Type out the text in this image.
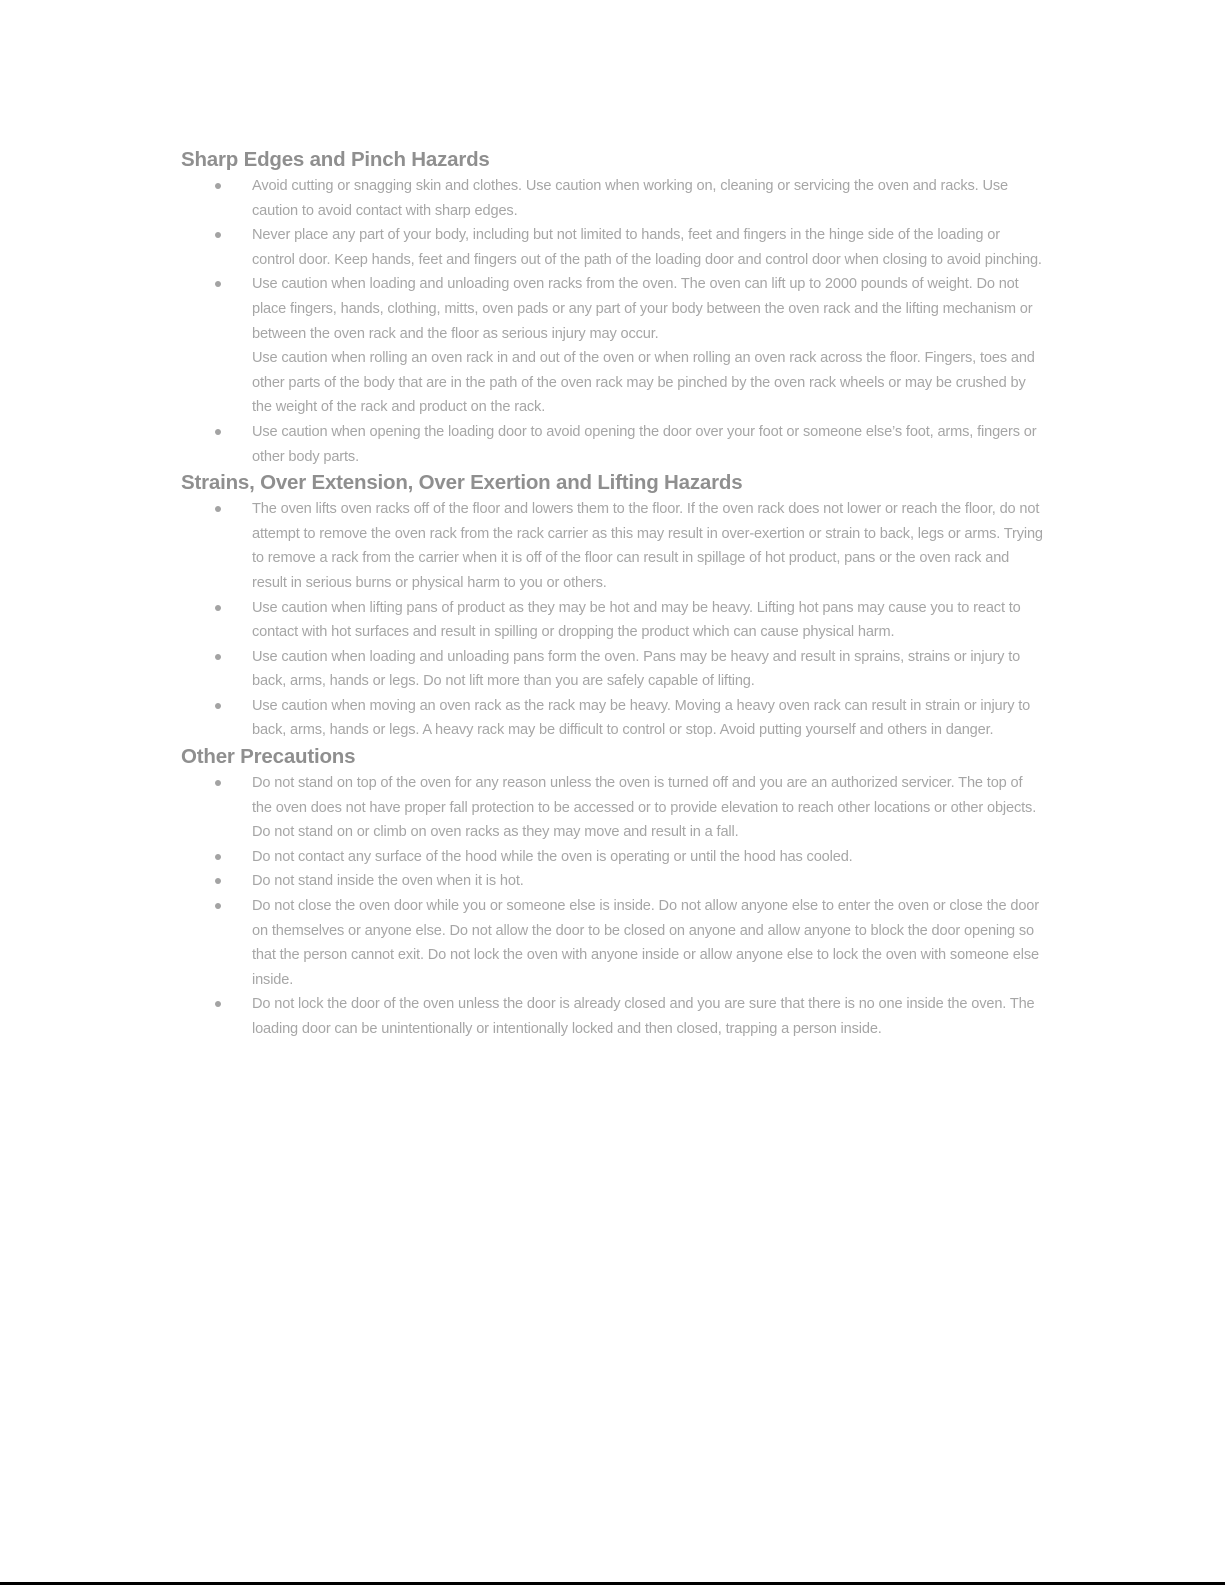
Sharp Edges and Pinch Hazards
Avoid cutting or snagging skin and clothes. Use caution when working on, cleaning or servicing the oven and racks. Use caution to avoid contact with sharp edges.
Never place any part of your body, including but not limited to hands, feet and fingers in the hinge side of the loading or control door. Keep hands, feet and fingers out of the path of the loading door and control door when closing to avoid pinching.
Use caution when loading and unloading oven racks from the oven. The oven can lift up to 2000 pounds of weight. Do not place fingers, hands, clothing, mitts, oven pads or any part of your body between the oven rack and the lifting mechanism or between the oven rack and the floor as serious injury may occur.
Use caution when rolling an oven rack in and out of the oven or when rolling an oven rack across the floor. Fingers, toes and other parts of the body that are in the path of the oven rack may be pinched by the oven rack wheels or may be crushed by the weight of the rack and product on the rack.
Use caution when opening the loading door to avoid opening the door over your foot or someone else’s foot, arms, fingers or other body parts.
Strains, Over Extension, Over Exertion and Lifting Hazards
The oven lifts oven racks off of the floor and lowers them to the floor. If the oven rack does not lower or reach the floor, do not attempt to remove the oven rack from the rack carrier as this may result in over-exertion or strain to back, legs or arms. Trying to remove a rack from the carrier when it is off of the floor can result in spillage of hot product, pans or the oven rack and result in serious burns or physical harm to you or others.
Use caution when lifting pans of product as they may be hot and may be heavy. Lifting hot pans may cause you to react to contact with hot surfaces and result in spilling or dropping the product which can cause physical harm.
Use caution when loading and unloading pans form the oven. Pans may be heavy and result in sprains, strains or injury to back, arms, hands or legs. Do not lift more than you are safely capable of lifting.
Use caution when moving an oven rack as the rack may be heavy. Moving a heavy oven rack can result in strain or injury to back, arms, hands or legs. A heavy rack may be difficult to control or stop. Avoid putting yourself and others in danger.
Other Precautions
Do not stand on top of the oven for any reason unless the oven is turned off and you are an authorized servicer. The top of the oven does not have proper fall protection to be accessed or to provide elevation to reach other locations or other objects. Do not stand on or climb on oven racks as they may move and result in a fall.
Do not contact any surface of the hood while the oven is operating or until the hood has cooled.
Do not stand inside the oven when it is hot.
Do not close the oven door while you or someone else is inside. Do not allow anyone else to enter the oven or close the door on themselves or anyone else. Do not allow the door to be closed on anyone and allow anyone to block the door opening so that the person cannot exit. Do not lock the oven with anyone inside or allow anyone else to lock the oven with someone else inside.
Do not lock the door of the oven unless the door is already closed and you are sure that there is no one inside the oven. The loading door can be unintentionally or intentionally locked and then closed, trapping a person inside.
